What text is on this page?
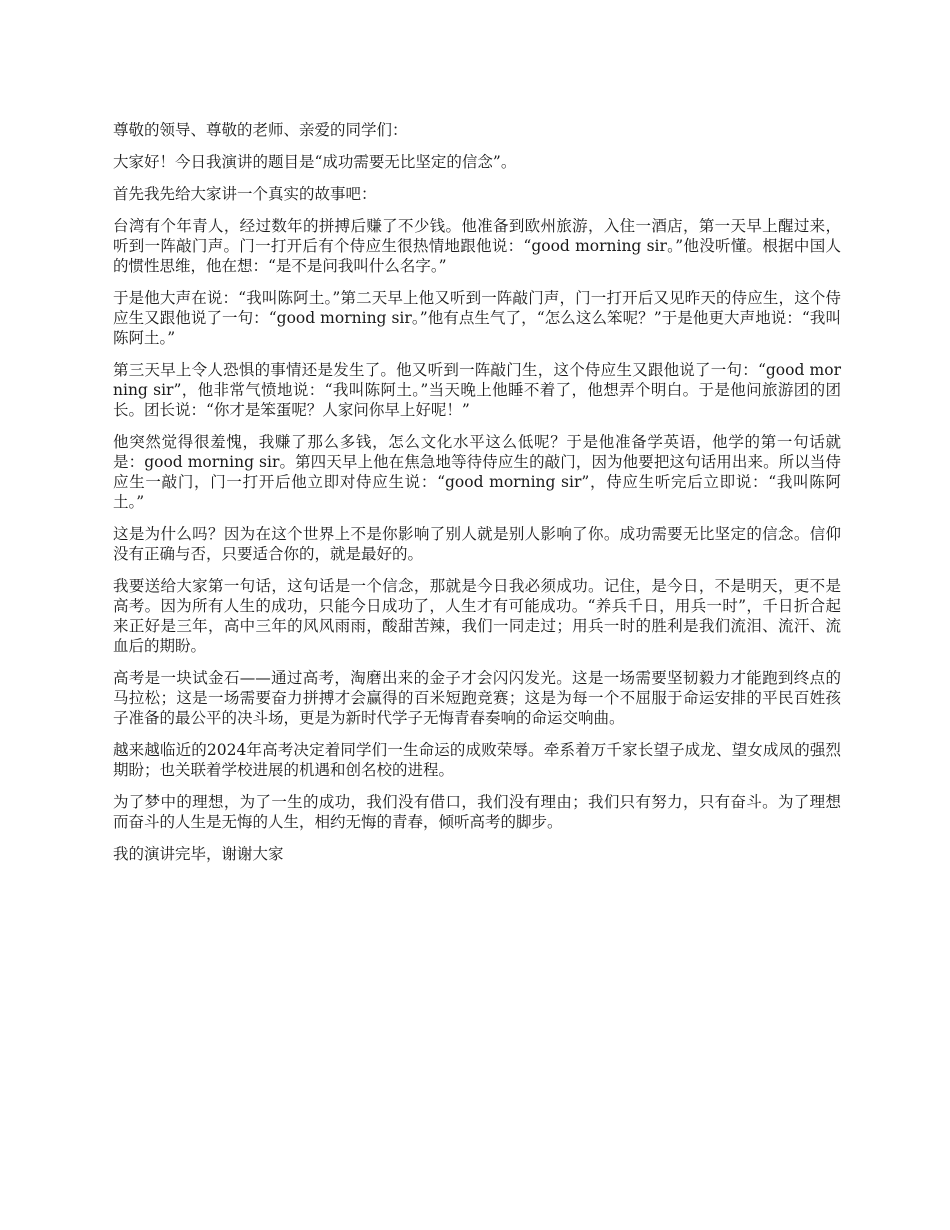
尊敬的领导、尊敬的老师、亲爱的同学们：

大家好！今日我演讲的题目是“成功需要无比坚定的信念”。

首先我先给大家讲一个真实的故事吧：

台湾有个年青人，经过数年的拼搏后赚了不少钱。他准备到欧州旅游，入住一酒店，第一天早上醒过来，听到一阵敲门声。门一打开后有个侍应生很热情地跟他说：“good morning sir。”他没听懂。根据中国人的惯性思维，他在想：“是不是问我叫什么名字。”

于是他大声在说：“我叫陈阿土。”第二天早上他又听到一阵敲门声，门一打开后又见昨天的侍应生，这个侍应生又跟他说了一句：“good morning sir。”他有点生气了，“怎么这么笨呢？”于是他更大声地说：“我叫陈阿土。”

第三天早上令人恐惧的事情还是发生了。他又听到一阵敲门生，这个侍应生又跟他说了一句：“good morning sir”，他非常气愤地说：“我叫陈阿土。”当天晚上他睡不着了，他想弄个明白。于是他问旅游团的团长。团长说：“你才是笨蛋呢？人家问你早上好呢！”

他突然觉得很羞愧，我赚了那么多钱，怎么文化水平这么低呢？于是他准备学英语，他学的第一句话就是：good morning sir。第四天早上他在焦急地等待侍应生的敲门，因为他要把这句话用出来。所以当侍应生一敲门，门一打开后他立即对侍应生说：“good morning sir”，侍应生听完后立即说：“我叫陈阿土。”

这是为什么吗？因为在这个世界上不是你影响了别人就是别人影响了你。成功需要无比坚定的信念。信仰没有正确与否，只要适合你的，就是最好的。

我要送给大家第一句话，这句话是一个信念，那就是今日我必须成功。记住，是今日，不是明天，更不是高考。因为所有人生的成功，只能今日成功了，人生才有可能成功。“养兵千日，用兵一时”，千日折合起来正好是三年，高中三年的风风雨雨，酸甜苦辣，我们一同走过；用兵一时的胜利是我们流泪、流汗、流血后的期盼。

高考是一块试金石——通过高考，淘磨出来的金子才会闪闪发光。这是一场需要坚韧毅力才能跑到终点的马拉松；这是一场需要奋力拼搏才会赢得的百米短跑竞赛；这是为每一个不屈服于命运安排的平民百姓孩子准备的最公平的决斗场，更是为新时代学子无悔青春奏响的命运交响曲。

越来越临近的2024年高考决定着同学们一生命运的成败荣辱。牵系着万千家长望子成龙、望女成凤的强烈期盼；也关联着学校进展的机遇和创名校的进程。

为了梦中的理想，为了一生的成功，我们没有借口，我们没有理由；我们只有努力，只有奋斗。为了理想而奋斗的人生是无悔的人生，相约无悔的青春，倾听高考的脚步。

我的演讲完毕，谢谢大家
